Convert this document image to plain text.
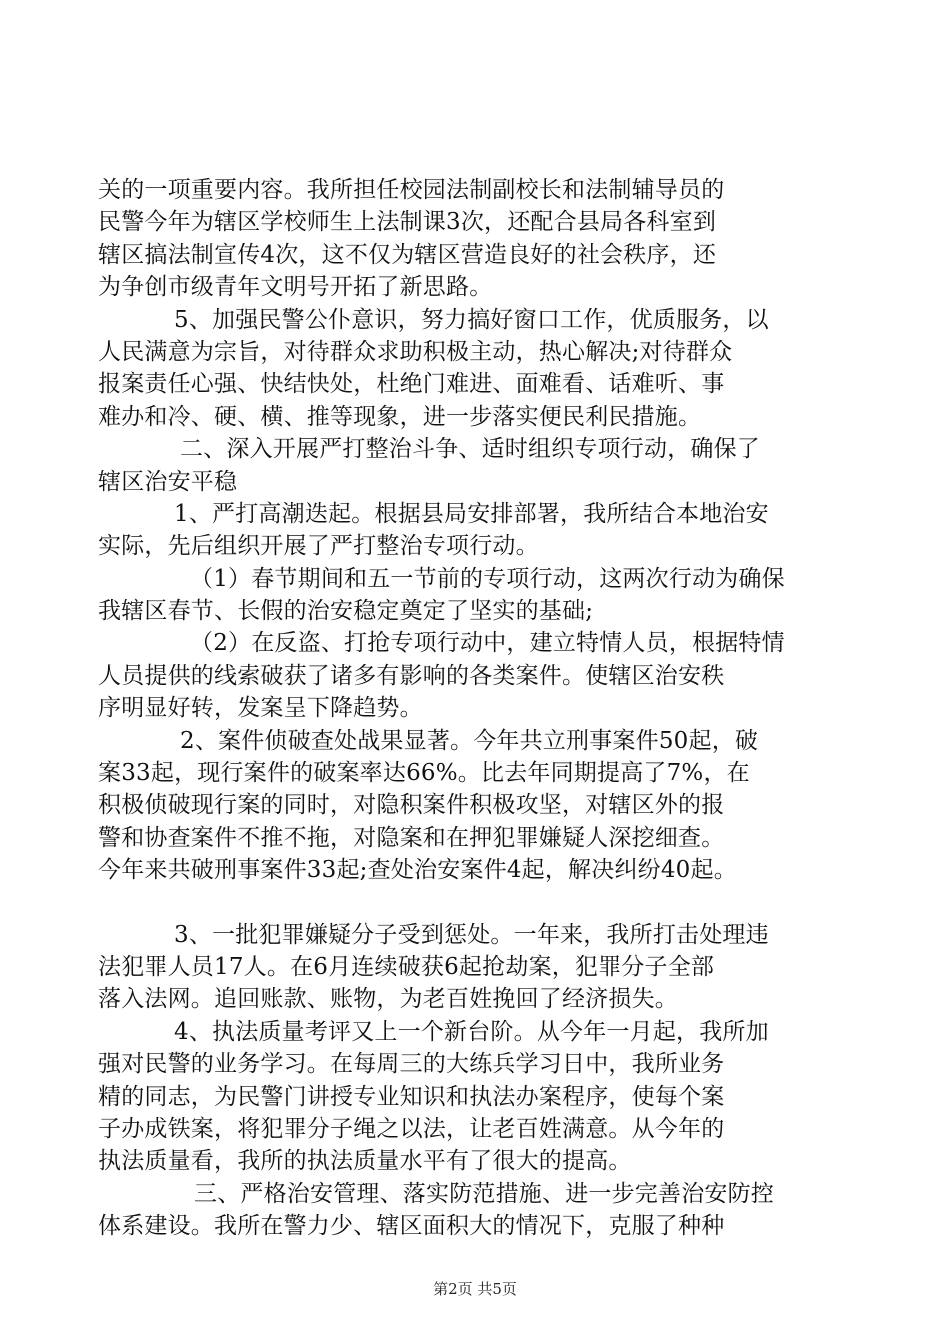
关的一项重要内容。我所担任校园法制副校长和法制辅导员的
民警今年为辖区学校师生上法制课3次，还配合县局各科室到
辖区搞法制宣传4次，这不仅为辖区营造良好的社会秩序，还
为争创市级青年文明号开拓了新思路。
5、加强民警公仆意识，努力搞好窗口工作，优质服务，以
人民满意为宗旨，对待群众求助积极主动，热心解决;对待群众
报案责任心强、快结快处，杜绝门难进、面难看、话难听、事
难办和冷、硬、横、推等现象，进一步落实便民利民措施。
二、深入开展严打整治斗争、适时组织专项行动，确保了
辖区治安平稳
1、严打高潮迭起。根据县局安排部署，我所结合本地治安
实际，先后组织开展了严打整治专项行动。
（1）春节期间和五一节前的专项行动，这两次行动为确保
我辖区春节、长假的治安稳定奠定了坚实的基础;
（2）在反盗、打抢专项行动中，建立特情人员，根据特情
人员提供的线索破获了诸多有影响的各类案件。使辖区治安秩
序明显好转，发案呈下降趋势。
2、案件侦破查处战果显著。今年共立刑事案件50起，破
案33起，现行案件的破案率达66%。比去年同期提高了7%，在
积极侦破现行案的同时，对隐积案件积极攻坚，对辖区外的报
警和协查案件不推不拖，对隐案和在押犯罪嫌疑人深挖细查。
今年来共破刑事案件33起;查处治安案件4起，解决纠纷40起。
3、一批犯罪嫌疑分子受到惩处。一年来，我所打击处理违
法犯罪人员17人。在6月连续破获6起抢劫案，犯罪分子全部
落入法网。追回账款、账物，为老百姓挽回了经济损失。
4、执法质量考评又上一个新台阶。从今年一月起，我所加
强对民警的业务学习。在每周三的大练兵学习日中，我所业务
精的同志，为民警门讲授专业知识和执法办案程序，使每个案
子办成铁案，将犯罪分子绳之以法，让老百姓满意。从今年的
执法质量看，我所的执法质量水平有了很大的提高。
三、严格治安管理、落实防范措施、进一步完善治安防控
体系建设。我所在警力少、辖区面积大的情况下，克服了种种
第2页 共5页
